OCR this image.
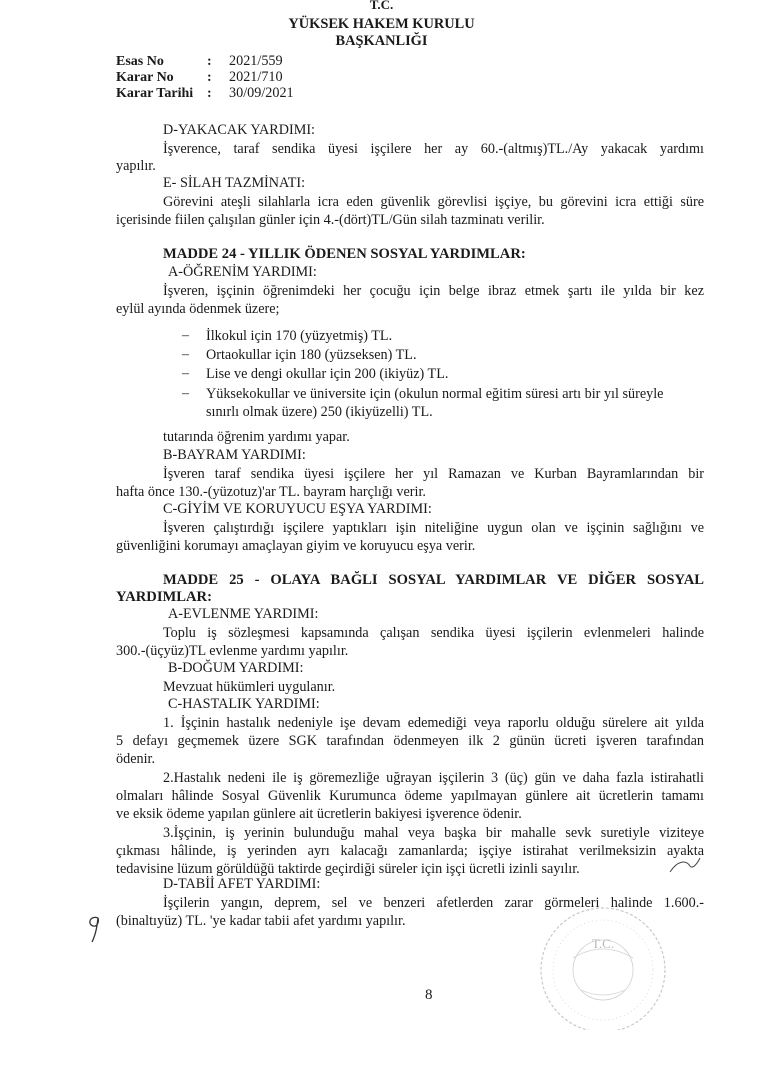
T.C.
YÜKSEK HAKEM KURULU
BAŞKANLIĞI
Esas No	: 2021/559
Karar No : 2021/710
Karar Tarihi : 30/09/2021
D-YAKACAK YARDIMI:
İşverence, taraf sendika üyesi işçilere her ay 60.-(altmış)TL./Ay yakacak yardımı
yapılır.
E- SİLAH TAZMİNATI:
Görevini ateşli silahlarla icra eden güvenlik görevlisi işçiye, bu görevini icra ettiği süre
içerisinde fiilen çalışılan günler için 4.-(dört)TL/Gün silah tazminatı verilir.
MADDE 24 - YILLIK ÖDENEN SOSYAL YARDIMLAR:
A-ÖĞRENİM YARDIMI:
İşveren, işçinin öğrenimdeki her çocuğu için belge ibraz etmek şartı ile yılda bir kez
eylül ayında ödenmek üzere;
– İlkokul için 170 (yüzyetmiş) TL.
– Ortaokullar için 180 (yüzseksen) TL.
– Lise ve dengi okullar için 200 (ikiyüz) TL.
– Yüksekokullar ve üniversite için (okulun normal eğitim süresi artı bir yıl süreyle
sınırlı olmak üzere) 250 (ikiyüzelli) TL.
tutarında öğrenim yardımı yapar.
B-BAYRAM YARDIMI:
İşveren taraf sendika üyesi işçilere her yıl Ramazan ve Kurban Bayramlarından bir
hafta önce 130.-(yüzotuz)'ar TL. bayram harçlığı verir.
C-GİYİM VE KORUYUCU EŞYA YARDIMI:
İşveren çalıştırdığı işçilere yaptıkları işin niteliğine uygun olan ve işçinin sağlığını ve
güvenliğini korumayı amaçlayan giyim ve koruyucu eşya verir.
MADDE 25 - OLAYA BAĞLI SOSYAL YARDIMLAR VE DİĞER SOSYAL
YARDIMLAR:
A-EVLENME YARDIMI:
Toplu iş sözleşmesi kapsamında çalışan sendika üyesi işçilerin evlenmeleri halinde
300.-(üçyüz)TL evlenme yardımı yapılır.
B-DOĞUM YARDIMI:
Mevzuat hükümleri uygulanır.
C-HASTALIK YARDIMI:
1. İşçinin hastalık nedeniyle işe devam edemediği veya raporlu olduğu sürelere ait yılda
5 defayı geçmemek üzere SGK tarafından ödenmeyen ilk 2 günün ücreti işveren tarafından
ödenir.
2.Hastalık nedeni ile iş göremezliğe uğrayan işçilerin 3 (üç) gün ve daha fazla istirahatli
olmaları hâlinde Sosyal Güvenlik Kurumunca ödeme yapılmayan günlere ait ücretlerin tamamı
ve eksik ödeme yapılan günlere ait ücretlerin bakiyesi işverence ödenir.
3.İşçinin, iş yerinin bulunduğu mahal veya başka bir mahalle sevk suretiyle viziteye
çıkması hâlinde, iş yerinden ayrı kalacağı zamanlarda; işçiye istirahat verilmeksizin ayakta
tedavisine lüzum görüldüğü taktirde geçirdiği süreler için işçi ücretli izinli sayılır.
D-TABİİ AFET YARDIMI:
İşçilerin yangın, deprem, sel ve benzeri afetlerden zarar görmeleri halinde 1.600.-
(binaltıyüz) TL. 'ye kadar tabii afet yardımı yapılır.
T.C.
8
